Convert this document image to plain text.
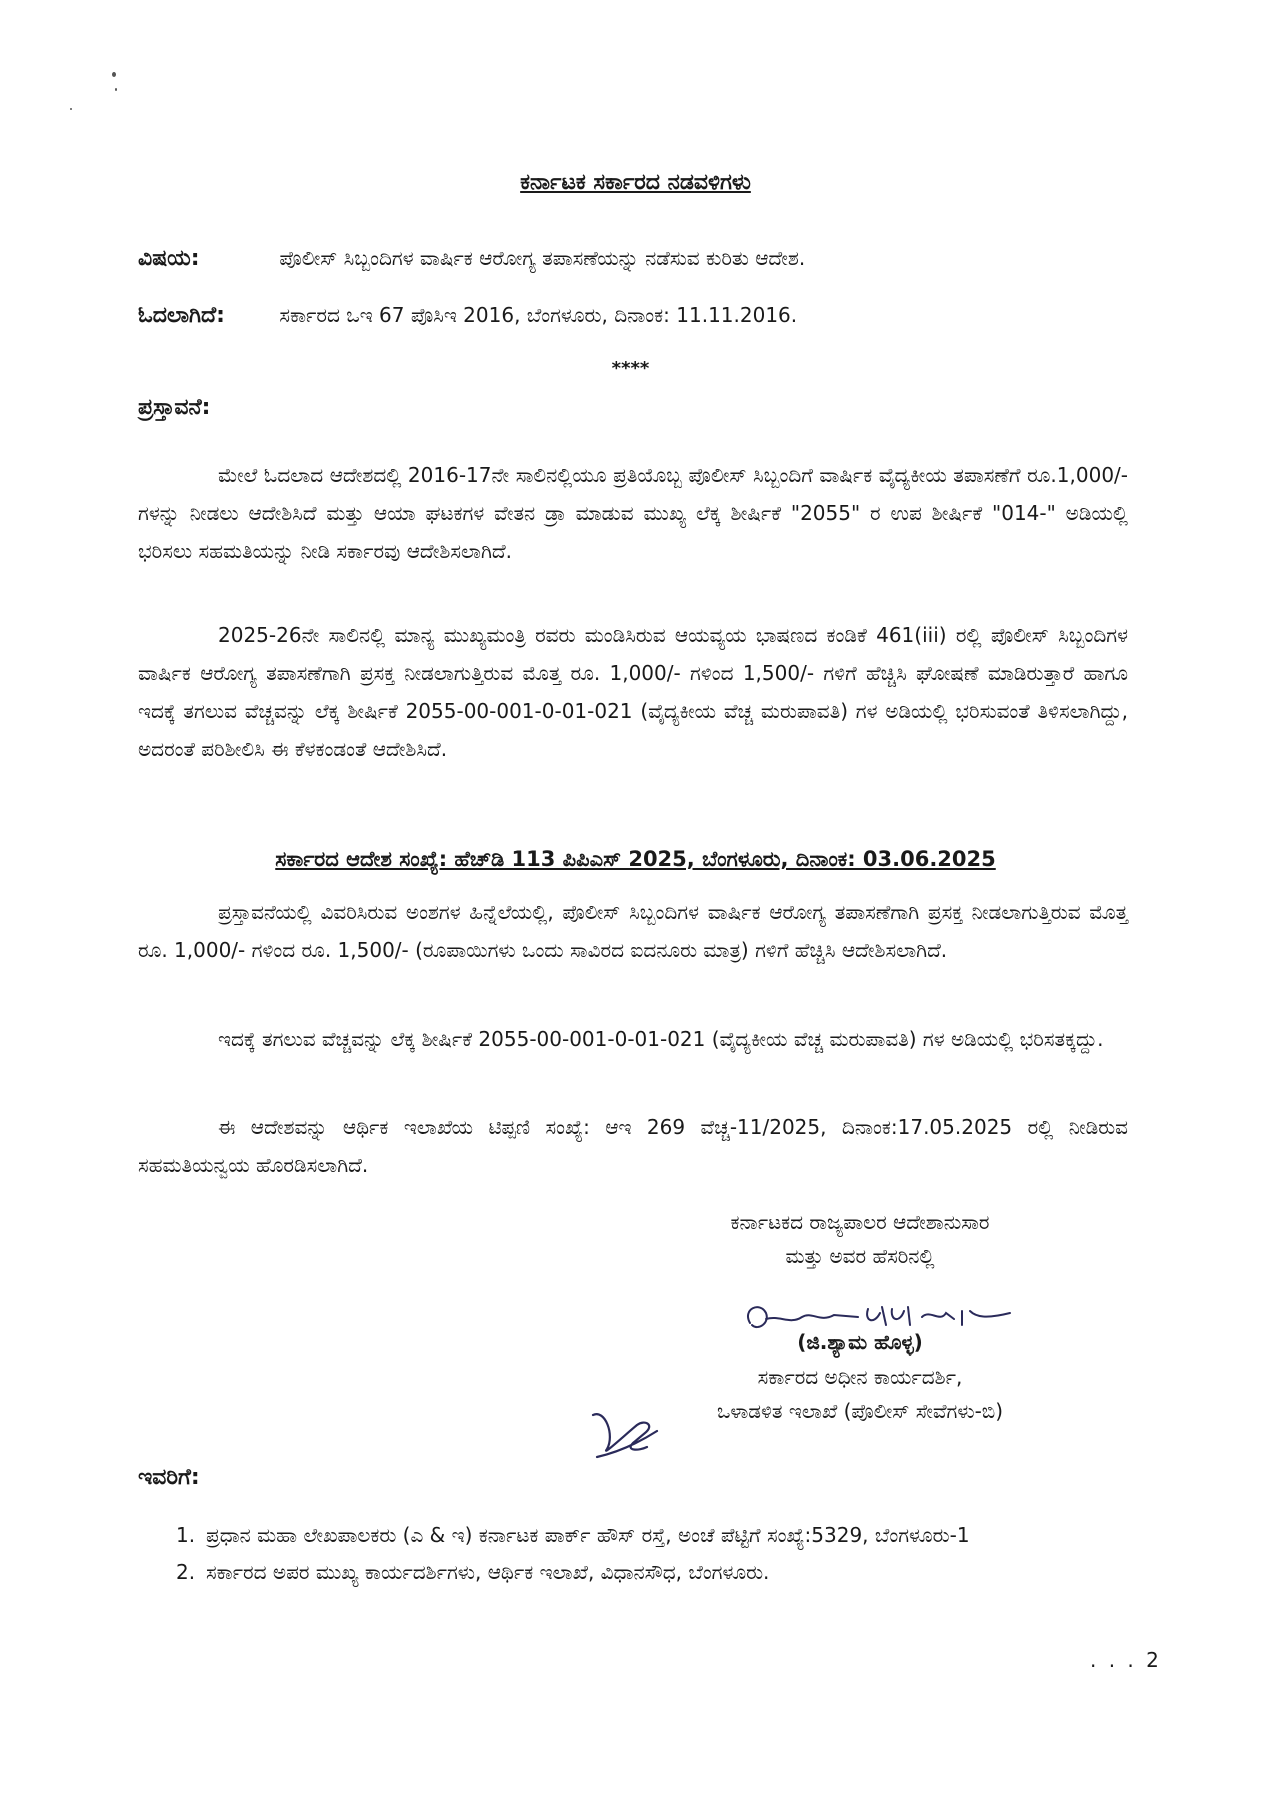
ಕರ್ನಾಟಕ ಸರ್ಕಾರದ ನಡವಳಿಗಳು
ವಿಷಯ:	ಪೊಲೀಸ್ ಸಿಬ್ಬಂದಿಗಳ ವಾರ್ಷಿಕ ಆರೋಗ್ಯ ತಪಾಸಣೆಯನ್ನು ನಡೆಸುವ ಕುರಿತು ಆದೇಶ.
ಓದಲಾಗಿದೆ:	ಸರ್ಕಾರದ ಒಇ 67 ಪೊಸಿಇ 2016, ಬೆಂಗಳೂರು, ದಿನಾಂಕ: 11.11.2016.
****
ಪ್ರಸ್ತಾವನೆ:

ಮೇಲೆ ಓದಲಾದ ಆದೇಶದಲ್ಲಿ 2016-17ನೇ ಸಾಲಿನಲ್ಲಿಯೂ ಪ್ರತಿಯೊಬ್ಬ ಪೊಲೀಸ್ ಸಿಬ್ಬಂದಿಗೆ ವಾರ್ಷಿಕ ವೈದ್ಯಕೀಯ ತಪಾಸಣೆಗೆ ರೂ.1,000/-ಗಳನ್ನು ನೀಡಲು ಆದೇಶಿಸಿದೆ ಮತ್ತು ಆಯಾ ಘಟಕಗಳ ವೇತನ ಡ್ರಾ ಮಾಡುವ ಮುಖ್ಯ ಲೆಕ್ಕ ಶೀರ್ಷಿಕೆ "2055" ರ ಉಪ ಶೀರ್ಷಿಕೆ "014-" ಅಡಿಯಲ್ಲಿ ಭರಿಸಲು ಸಹಮತಿಯನ್ನು ನೀಡಿ ಸರ್ಕಾರವು ಆದೇಶಿಸಲಾಗಿದೆ.

2025-26ನೇ ಸಾಲಿನಲ್ಲಿ ಮಾನ್ಯ ಮುಖ್ಯಮಂತ್ರಿ ರವರು ಮಂಡಿಸಿರುವ ಆಯವ್ಯಯ ಭಾಷಣದ ಕಂಡಿಕೆ 461(iii) ರಲ್ಲಿ ಪೊಲೀಸ್ ಸಿಬ್ಬಂದಿಗಳ ವಾರ್ಷಿಕ ಆರೋಗ್ಯ ತಪಾಸಣೆಗಾಗಿ ಪ್ರಸಕ್ತ ನೀಡಲಾಗುತ್ತಿರುವ ಮೊತ್ತ ರೂ. 1,000/- ಗಳಿಂದ 1,500/- ಗಳಿಗೆ ಹೆಚ್ಚಿಸಿ ಘೋಷಣೆ ಮಾಡಿರುತ್ತಾರೆ ಹಾಗೂ ಇದಕ್ಕೆ ತಗಲುವ ವೆಚ್ಚವನ್ನು ಲೆಕ್ಕ ಶೀರ್ಷಿಕೆ 2055-00-001-0-01-021 (ವೈದ್ಯಕೀಯ ವೆಚ್ಚ ಮರುಪಾವತಿ) ಗಳ ಅಡಿಯಲ್ಲಿ ಭರಿಸುವಂತೆ ತಿಳಿಸಲಾಗಿದ್ದು, ಅದರಂತೆ ಪರಿಶೀಲಿಸಿ ಈ ಕೆಳಕಂಡಂತೆ ಆದೇಶಿಸಿದೆ.

ಸರ್ಕಾರದ ಆದೇಶ ಸಂಖ್ಯೆ: ಹೆಚ್‌ಡಿ 113 ಪಿಪಿಎಸ್ 2025, ಬೆಂಗಳೂರು, ದಿನಾಂಕ: 03.06.2025

ಪ್ರಸ್ತಾವನೆಯಲ್ಲಿ ವಿವರಿಸಿರುವ ಅಂಶಗಳ ಹಿನ್ನೆಲೆಯಲ್ಲಿ, ಪೊಲೀಸ್ ಸಿಬ್ಬಂದಿಗಳ ವಾರ್ಷಿಕ ಆರೋಗ್ಯ ತಪಾಸಣೆಗಾಗಿ ಪ್ರಸಕ್ತ ನೀಡಲಾಗುತ್ತಿರುವ ಮೊತ್ತ ರೂ. 1,000/- ಗಳಿಂದ ರೂ. 1,500/- (ರೂಪಾಯಿಗಳು ಒಂದು ಸಾವಿರದ ಐದನೂರು ಮಾತ್ರ) ಗಳಿಗೆ ಹೆಚ್ಚಿಸಿ ಆದೇಶಿಸಲಾಗಿದೆ.

ಇದಕ್ಕೆ ತಗಲುವ ವೆಚ್ಚವನ್ನು ಲೆಕ್ಕ ಶೀರ್ಷಿಕೆ 2055-00-001-0-01-021 (ವೈದ್ಯಕೀಯ ವೆಚ್ಚ ಮರುಪಾವತಿ) ಗಳ ಅಡಿಯಲ್ಲಿ ಭರಿಸತಕ್ಕದ್ದು.

ಈ ಆದೇಶವನ್ನು ಆರ್ಥಿಕ ಇಲಾಖೆಯ ಟಿಪ್ಪಣಿ ಸಂಖ್ಯೆ: ಆಇ 269 ವೆಚ್ಚ-11/2025, ದಿನಾಂಕ:17.05.2025 ರಲ್ಲಿ ನೀಡಿರುವ ಸಹಮತಿಯನ್ವಯ ಹೊರಡಿಸಲಾಗಿದೆ.

ಕರ್ನಾಟಕದ ರಾಜ್ಯಪಾಲರ ಆದೇಶಾನುಸಾರ
ಮತ್ತು ಅವರ ಹೆಸರಿನಲ್ಲಿ
(ಜಿ.ಶ್ಯಾಮ ಹೊಳ್ಳ)
ಸರ್ಕಾರದ ಅಧೀನ ಕಾರ್ಯದರ್ಶಿ,
ಒಳಾಡಳಿತ ಇಲಾಖೆ (ಪೊಲೀಸ್ ಸೇವೆಗಳು-ಬಿ)
ಇವರಿಗೆ:
1. ಪ್ರಧಾನ ಮಹಾ ಲೇಖಪಾಲಕರು (ಎ & ಇ) ಕರ್ನಾಟಕ ಪಾರ್ಕ್ ಹೌಸ್ ರಸ್ತೆ, ಅಂಚೆ ಪೆಟ್ಟಿಗೆ ಸಂಖ್ಯೆ:5329, ಬೆಂಗಳೂರು-1
2. ಸರ್ಕಾರದ ಅಪರ ಮುಖ್ಯ ಕಾರ್ಯದರ್ಶಿಗಳು, ಆರ್ಥಿಕ ಇಲಾಖೆ, ವಿಧಾನಸೌಧ, ಬೆಂಗಳೂರು.
. . . 2
